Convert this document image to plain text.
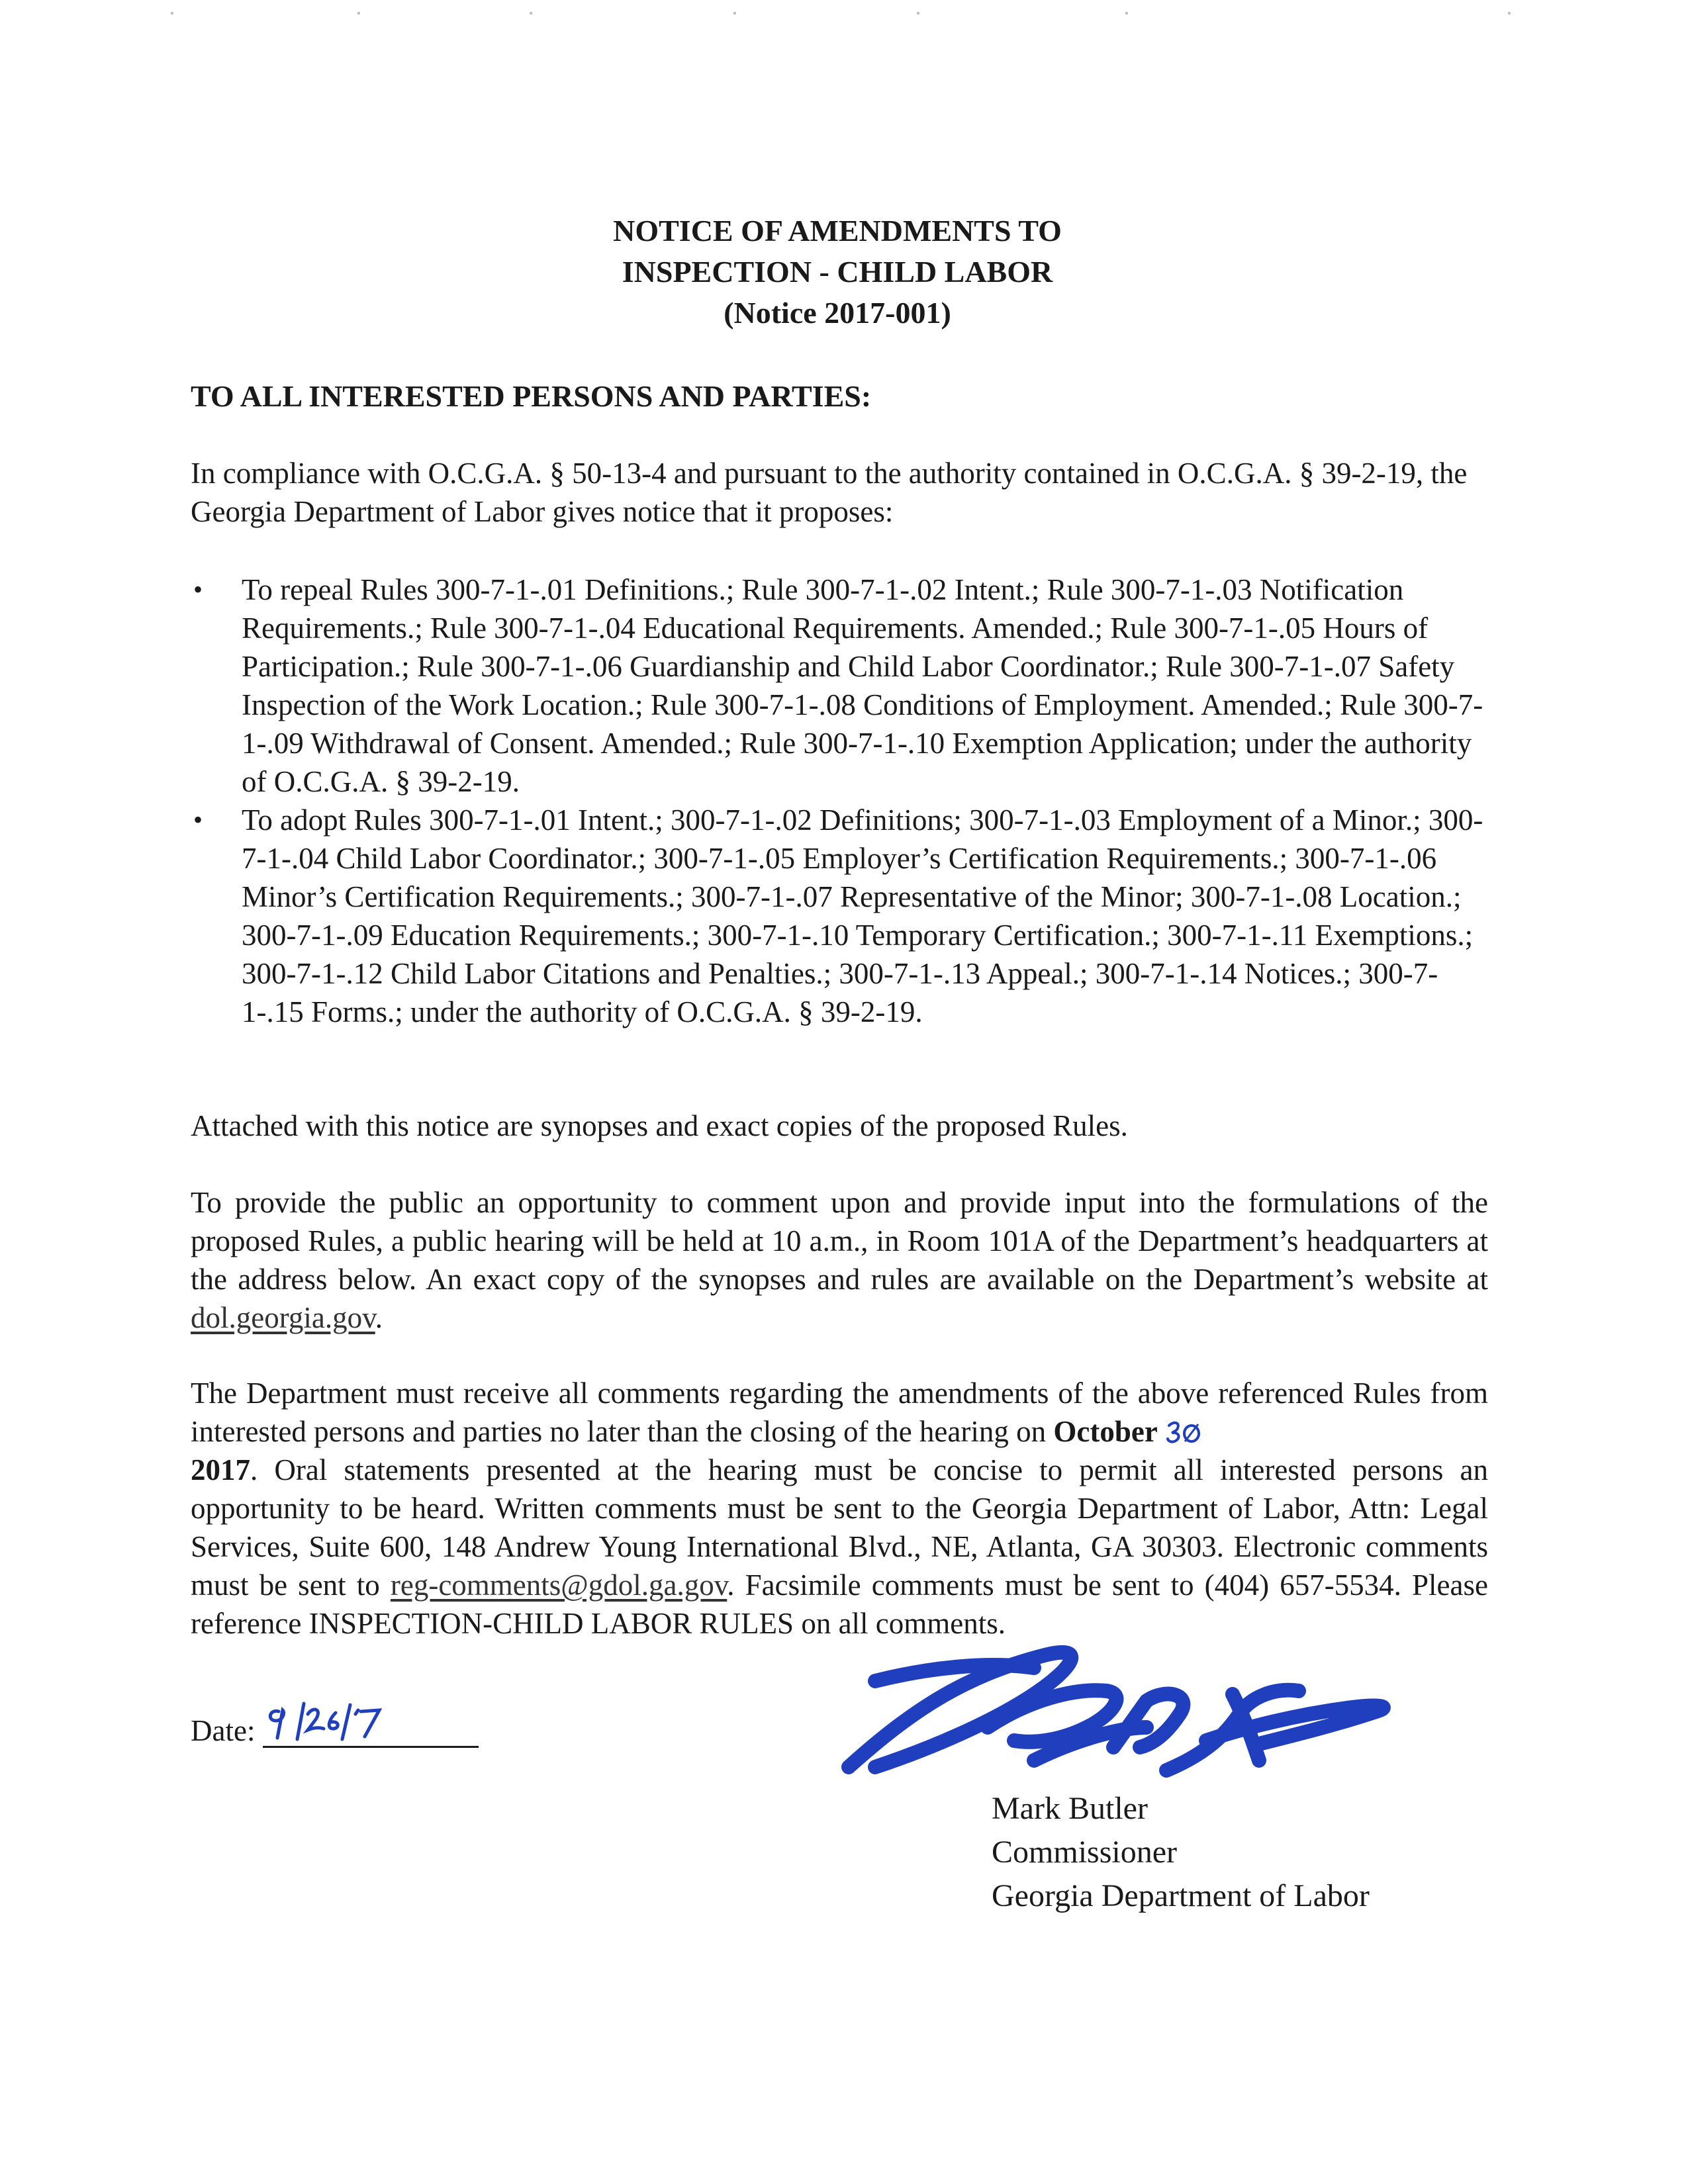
NOTICE OF AMENDMENTS TO
INSPECTION - CHILD LABOR
(Notice 2017-001)
TO ALL INTERESTED PERSONS AND PARTIES:
In compliance with O.C.G.A. § 50-13-4 and pursuant to the authority contained in O.C.G.A. § 39-2-19, the Georgia Department of Labor gives notice that it proposes:
• To repeal Rules 300-7-1-.01 Definitions.; Rule 300-7-1-.02 Intent.; Rule 300-7-1-.03 Notification Requirements.; Rule 300-7-1-.04 Educational Requirements. Amended.; Rule 300-7-1-.05 Hours of Participation.; Rule 300-7-1-.06 Guardianship and Child Labor Coordinator.; Rule 300-7-1-.07 Safety Inspection of the Work Location.; Rule 300-7-1-.08 Conditions of Employment. Amended.; Rule 300-7-1-.09 Withdrawal of Consent. Amended.; Rule 300-7-1-.10 Exemption Application; under the authority of O.C.G.A. § 39-2-19.
• To adopt Rules 300-7-1-.01 Intent.; 300-7-1-.02 Definitions; 300-7-1-.03 Employment of a Minor.; 300-7-1-.04 Child Labor Coordinator.; 300-7-1-.05 Employer’s Certification Requirements.; 300-7-1-.06 Minor’s Certification Requirements.; 300-7-1-.07 Representative of the Minor; 300-7-1-.08 Location.; 300-7-1-.09 Education Requirements.; 300-7-1-.10 Temporary Certification.; 300-7-1-.11 Exemptions.; 300-7-1-.12 Child Labor Citations and Penalties.; 300-7-1-.13 Appeal.; 300-7-1-.14 Notices.; 300-7-1-.15 Forms.; under the authority of O.C.G.A. § 39-2-19.
Attached with this notice are synopses and exact copies of the proposed Rules.
To provide the public an opportunity to comment upon and provide input into the formulations of the proposed Rules, a public hearing will be held at 10 a.m., in Room 101A of the Department’s headquarters at the address below. An exact copy of the synopses and rules are available on the Department’s website at dol.georgia.gov.
The Department must receive all comments regarding the amendments of the above referenced Rules from interested persons and parties no later than the closing of the hearing on October
2017. Oral statements presented at the hearing must be concise to permit all interested persons an opportunity to be heard. Written comments must be sent to the Georgia Department of Labor, Attn: Legal Services, Suite 600, 148 Andrew Young International Blvd., NE, Atlanta, GA 30303. Electronic comments must be sent to reg-comments@gdol.ga.gov. Facsimile comments must be sent to (404) 657-5534. Please reference INSPECTION-CHILD LABOR RULES on all comments.
Date:
Mark Butler
Commissioner
Georgia Department of Labor
